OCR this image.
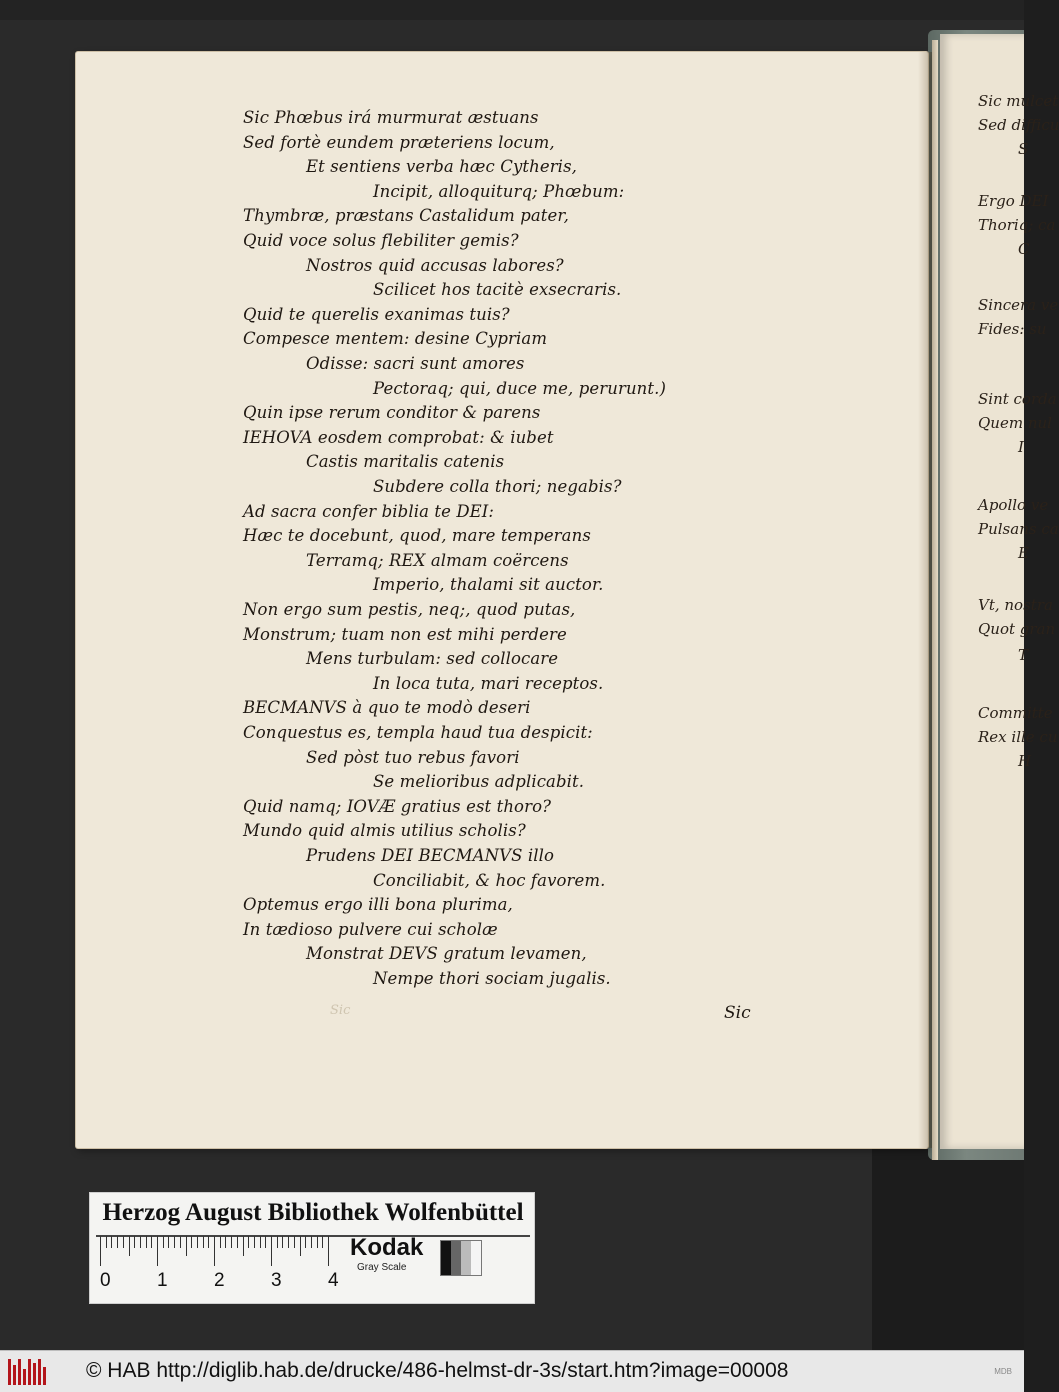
Sic mulcet
Sed difficu
S
Ergo DEI
Thoriq; ca
C
Sincera ve
Fides: su
Sint corda
Quem nul
I
Apollo ve
Pulsans ca
E
Vt, nostra
Quot gran
T
Committe
Rex ille cu
H
Sic Phœbus irá murmurat æstuans
Sed fortè eundem præteriens locum,
Et sentiens verba hæc Cytheris,
Incipit, alloquiturq; Phœbum:
Thymbræ, præstans Castalidum pater,
Quid voce solus flebiliter gemis?
Nostros quid accusas labores?
Scilicet hos tacitè exsecraris.
Quid te querelis exanimas tuis?
Compesce mentem: desine Cypriam
Odisse: sacri sunt amores
Pectoraq; qui, duce me, perurunt.)
Quin ipse rerum conditor & parens
IEHOVA eosdem comprobat: & iubet
Castis maritalis catenis
Subdere colla thori; negabis?
Ad sacra confer biblia te DEI:
Hæc te docebunt, quod, mare temperans
Terramq; REX almam coërcens
Imperio, thalami sit auctor.
Non ergo sum pestis, neq;, quod putas,
Monstrum; tuam non est mihi perdere
Mens turbulam: sed collocare
In loca tuta, mari receptos.
BECMANVS à quo te modò deseri
Conquestus es, templa haud tua despicit:
Sed pòst tuo rebus favori
Se melioribus adplicabit.
Quid namq; IOVÆ gratius est thoro?
Mundo quid almis utilius scholis?
Prudens DEI BECMANVS illo
Conciliabit, & hoc favorem.
Optemus ergo illi bona plurima,
In tædioso pulvere cui scholæ
Monstrat DEVS gratum levamen,
Nempe thori sociam jugalis.
Sic	Sic
Herzog August Bibliothek Wolfenbüttel
0 1 2 3 4
Kodak
Gray Scale
© HAB http://diglib.hab.de/drucke/486-helmst-dr-3s/start.htm?image=00008	MDB
